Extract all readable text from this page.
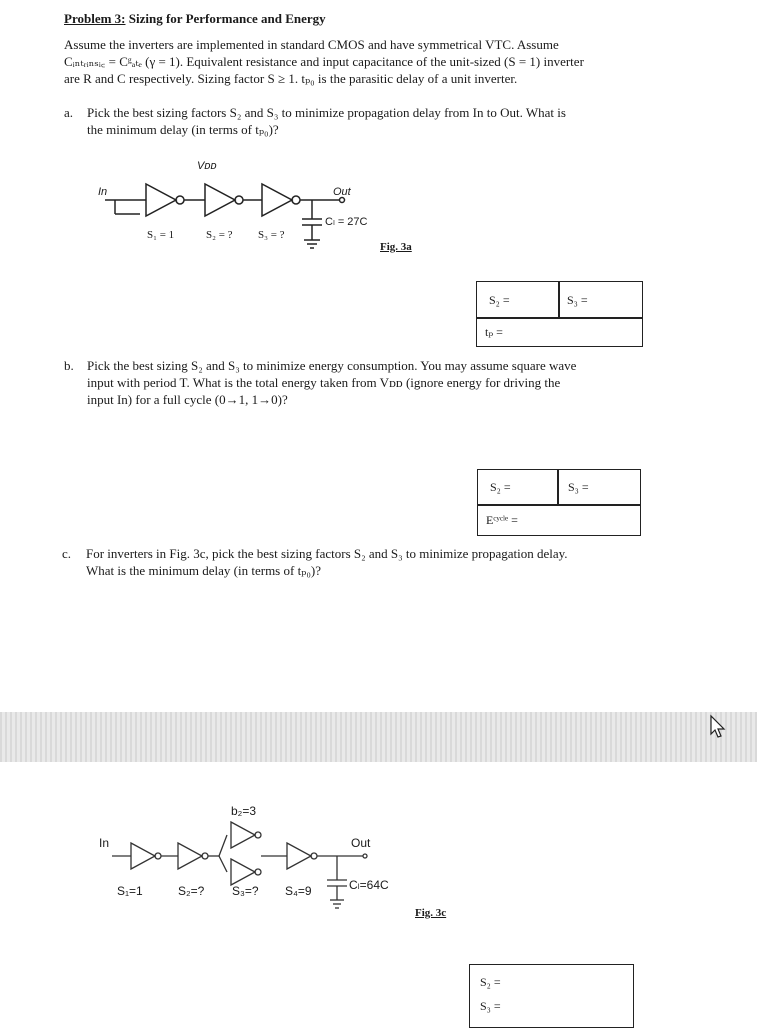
Problem 3: Sizing for Performance and Energy
Assume the inverters are implemented in standard CMOS and have symmetrical VTC. Assume
Cᵢₙₜᵣᵢₙₛᵢ꜀ = Cᵍₐₜₑ (γ = 1). Equivalent resistance and input capacitance of the unit-sized (S = 1) inverter
are R and C respectively. Sizing factor S ≥ 1. tₚ₀ is the parasitic delay of a unit inverter.
a. Pick the best sizing factors S₂ and S₃ to minimize propagation delay from In to Out. What is
the minimum delay (in terms of tₚ₀)?
Vᴅᴅ
In	Out
Cₗ = 27C
S₁ = 1	S₂ = ? S₃ = ?
Fig. 3a
S₂ =	S₃ =
tₚ =
b. Pick the best sizing S₂ and S₃ to minimize energy consumption. You may assume square wave
input with period T. What is the total energy taken from Vᴅᴅ (ignore energy for driving the
input In) for a full cycle (0→1, 1→0)?
S₂ =	S₃ =
Eᶜʸᶜˡᵉ =
c. For inverters in Fig. 3c, pick the best sizing factors S₂ and S₃ to minimize propagation delay.
What is the minimum delay (in terms of tₚ₀)?
b₂=3
In	Out
Cₗ=64C
S₁=1	S₂=? S₃=? S₄=9
Fig. 3c
S₂ =
S₃ =
